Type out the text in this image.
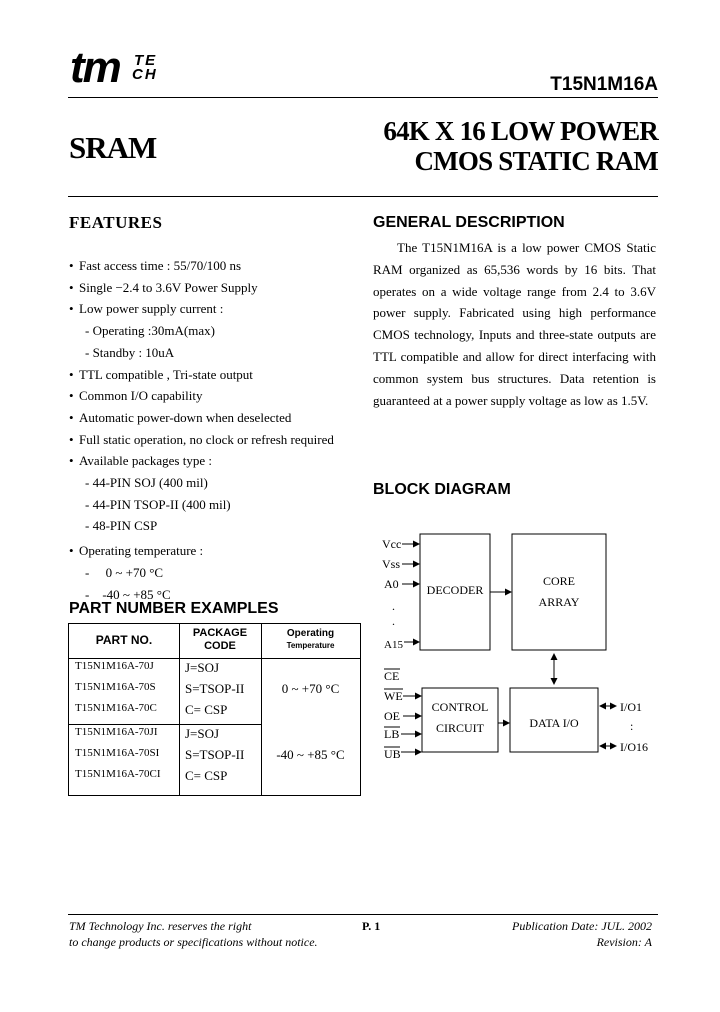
tm TE
CH	T15N1M16A
SRAM	64K X 16 LOW POWER
CMOS STATIC RAM
FEATURES
• Fast access time : 55/70/100 ns
• Single −2.4 to 3.6V Power Supply
• Low power supply current :
- Operating :30mA(max)
- Standby : 10uA
• TTL compatible , Tri-state output
• Common I/O capability
• Automatic power-down when deselected
• Full static operation, no clock or refresh required
• Available packages type :
- 44-PIN SOJ (400 mil)
- 44-PIN TSOP-II (400 mil)
- 48-PIN CSP
• Operating temperature :
-     0 ~ +70 °C
-    -40 ~ +85 °C
GENERAL DESCRIPTION
The T15N1M16A is a low power CMOS Static RAM organized as 65,536 words by 16 bits. That operates on a wide voltage range from 2.4 to 3.6V power supply. Fabricated using high performance CMOS technology, Inputs and three-state outputs are TTL compatible and allow for direct interfacing with common system bus structures. Data retention is guaranteed at a power supply voltage as low as 1.5V.
BLOCK DIAGRAM
DECODER
CORE
ARRAY
Vcc
Vss
A0
.
.
A15
CONTROL
CIRCUIT
CE
WE
OE
LB
UB
DATA I/O
I/O1
:
I/O16
PART NUMBER EXAMPLES
PART NO.	PACKAGE
CODE
Operating
Temperature
T15N1M16A-70J J=SOJ
T15N1M16A-70S S=TSOP-II
T15N1M16A-70C C= CSP
0 ~ +70 °C
T15N1M16A-70JI J=SOJ
T15N1M16A-70SI S=TSOP-II
T15N1M16A-70CI C= CSP
-40 ~ +85 °C
TM Technology Inc. reserves the right
to change products or specifications without notice.
P. 1	Publication Date: JUL. 2002
Revision: A
